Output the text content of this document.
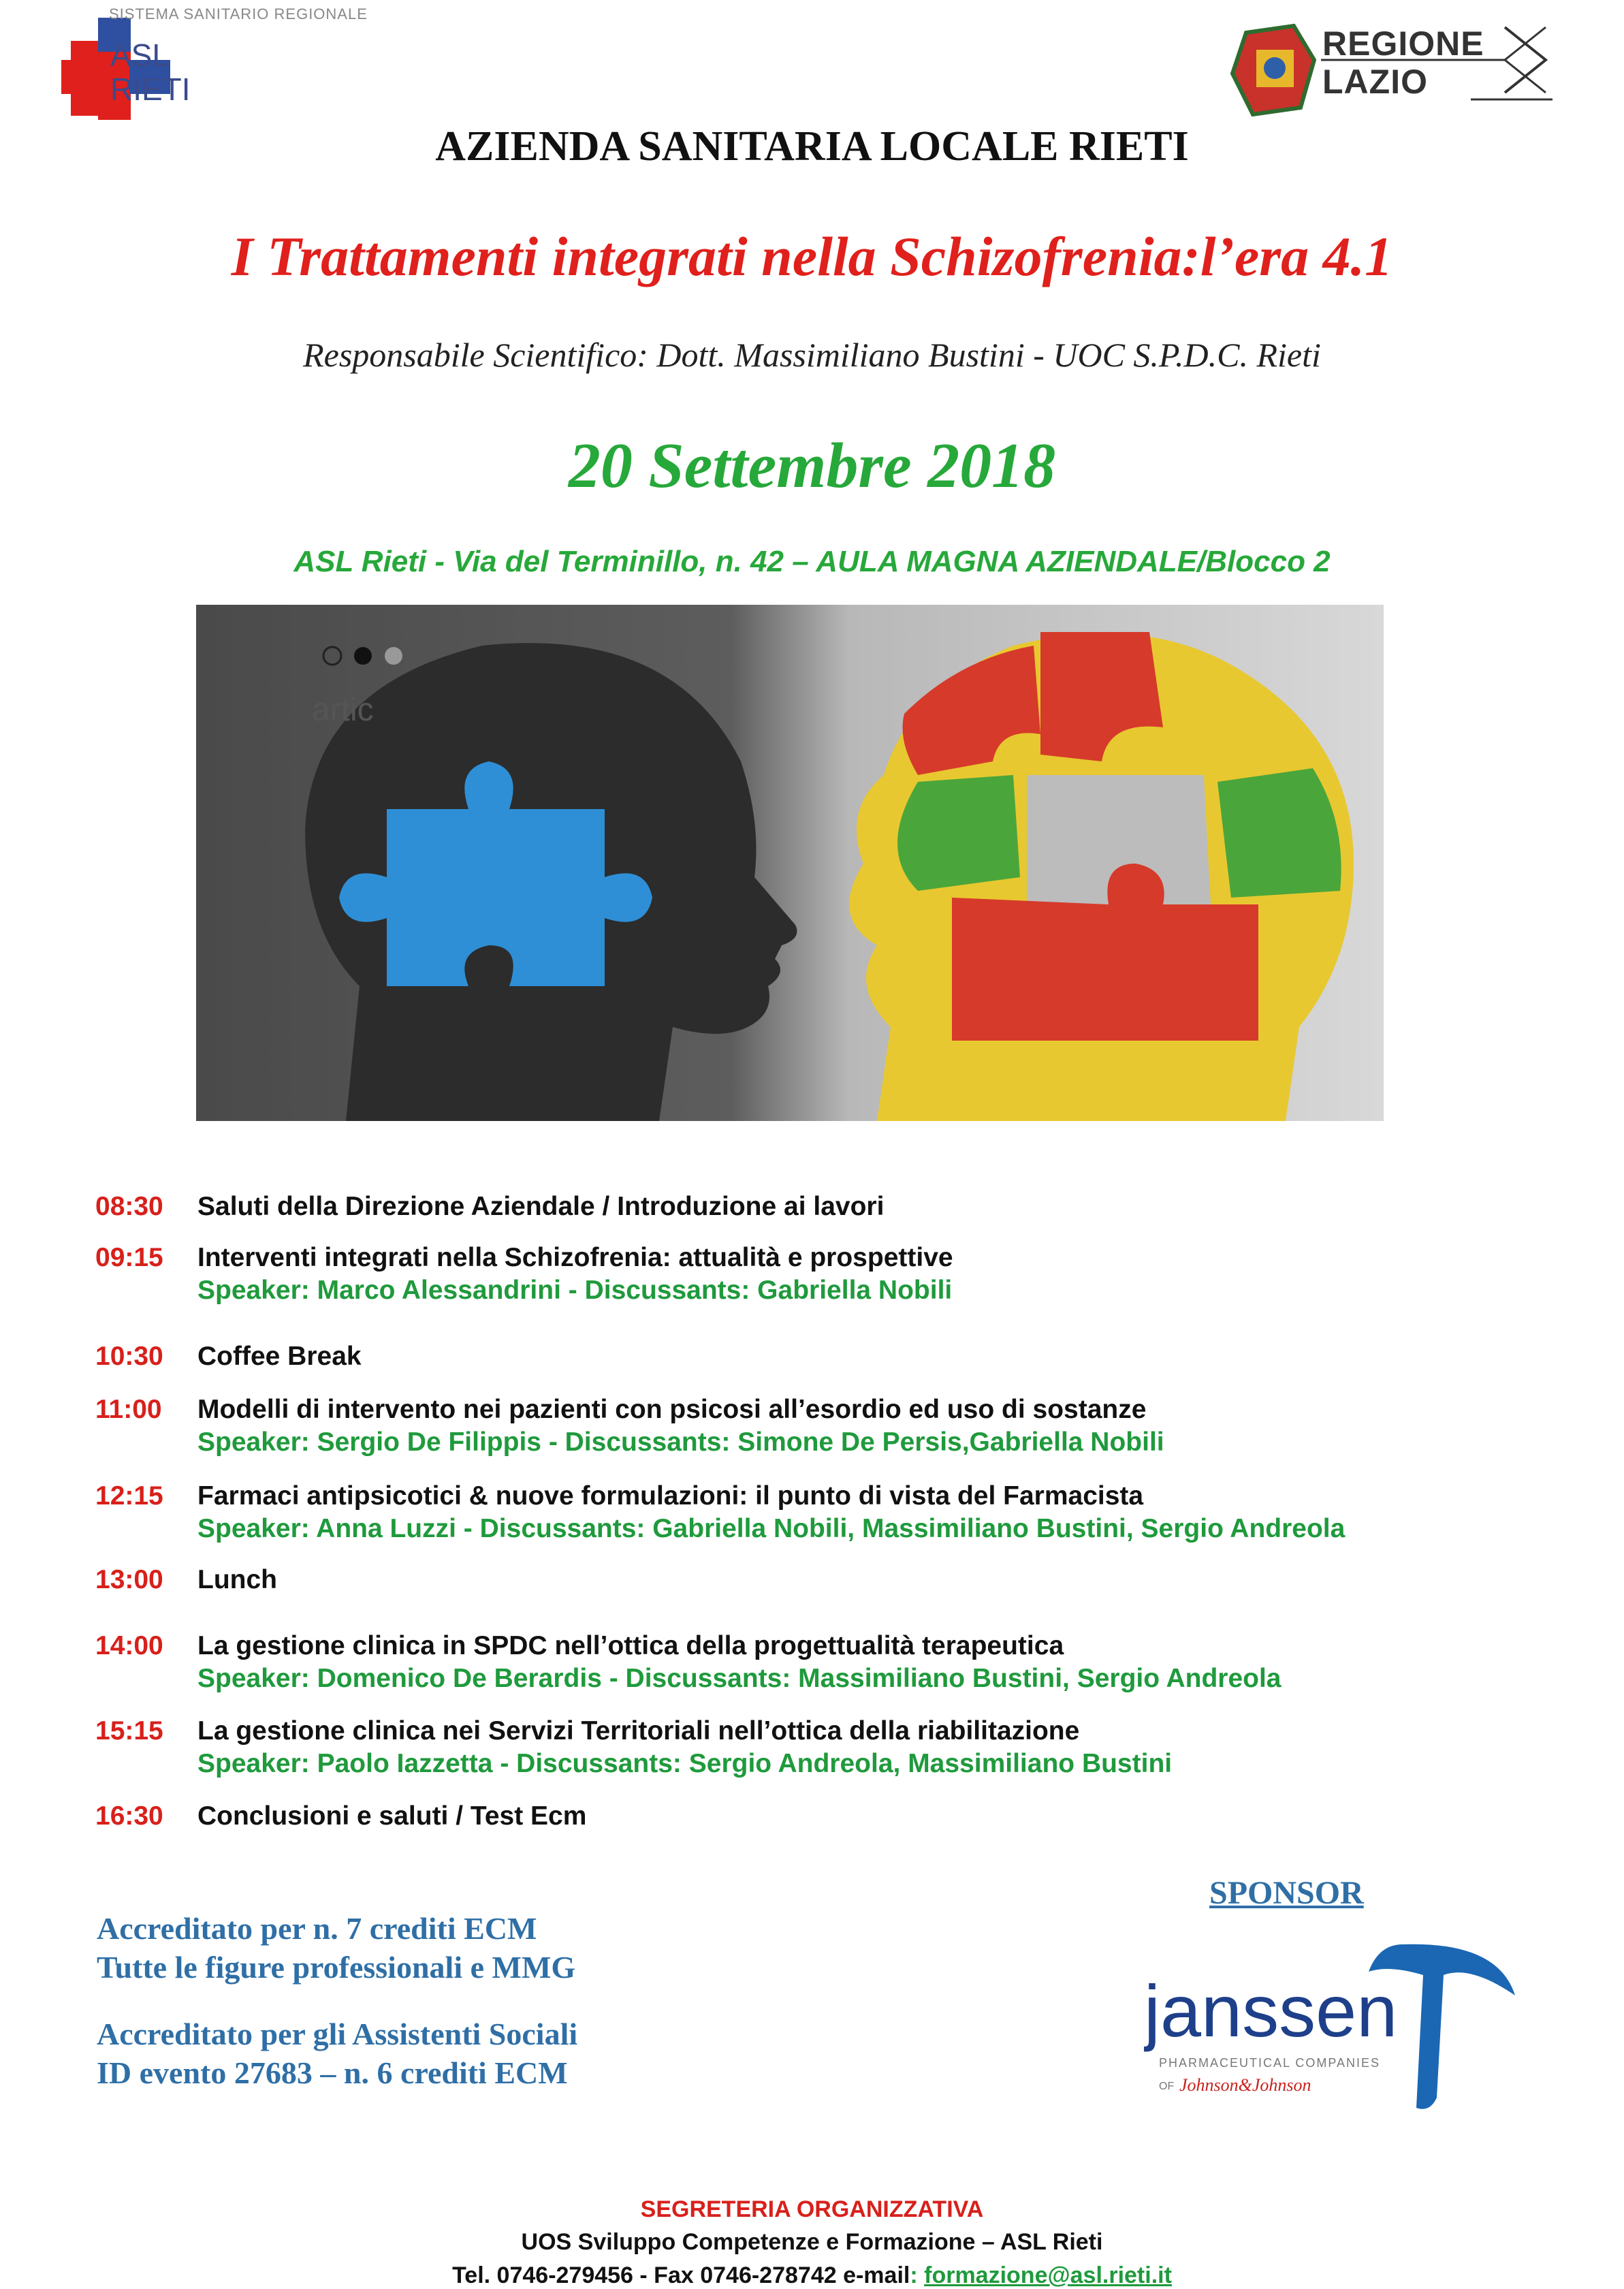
SISTEMA SANITARIO REGIONALE
ASL
RIETI
REGIONE
LAZIO
AZIENDA SANITARIA LOCALE RIETI
I Trattamenti integrati nella Schizofrenia:l’era 4.1
Responsabile Scientifico: Dott. Massimiliano Bustini - UOC S.P.D.C. Rieti
20 Settembre 2018
ASL Rieti - Via del Terminillo, n. 42 – AULA MAGNA AZIENDALE/Blocco 2
artic
08:30 Saluti della Direzione Aziendale / Introduzione ai lavori
09:15 Interventi integrati nella Schizofrenia: attualità e prospettive
Speaker: Marco Alessandrini - Discussants: Gabriella Nobili
10:30 Coffee Break
11:00 Modelli di intervento nei pazienti con psicosi all’esordio ed uso di sostanze
Speaker: Sergio De Filippis - Discussants: Simone De Persis,Gabriella Nobili
12:15 Farmaci antipsicotici & nuove formulazioni: il punto di vista del Farmacista
Speaker: Anna Luzzi - Discussants: Gabriella Nobili, Massimiliano Bustini, Sergio Andreola
13:00 Lunch
14:00 La gestione clinica in SPDC nell’ottica della progettualità terapeutica
Speaker: Domenico De Berardis - Discussants: Massimiliano Bustini, Sergio Andreola
15:15 La gestione clinica nei Servizi Territoriali nell’ottica della riabilitazione
Speaker: Paolo Iazzetta - Discussants: Sergio Andreola, Massimiliano Bustini
16:30 Conclusioni e saluti / Test Ecm
Accreditato per n. 7 crediti ECM
Tutte le figure professionali e MMG
Accreditato per gli Assistenti Sociali
ID evento 27683 – n. 6 crediti ECM
SPONSOR
janssen
PHARMACEUTICAL COMPANIES
OF Johnson&Johnson
SEGRETERIA ORGANIZZATIVA
UOS Sviluppo Competenze e Formazione – ASL Rieti
Tel. 0746-279456 - Fax 0746-278742 e-mail: formazione@asl.rieti.it
